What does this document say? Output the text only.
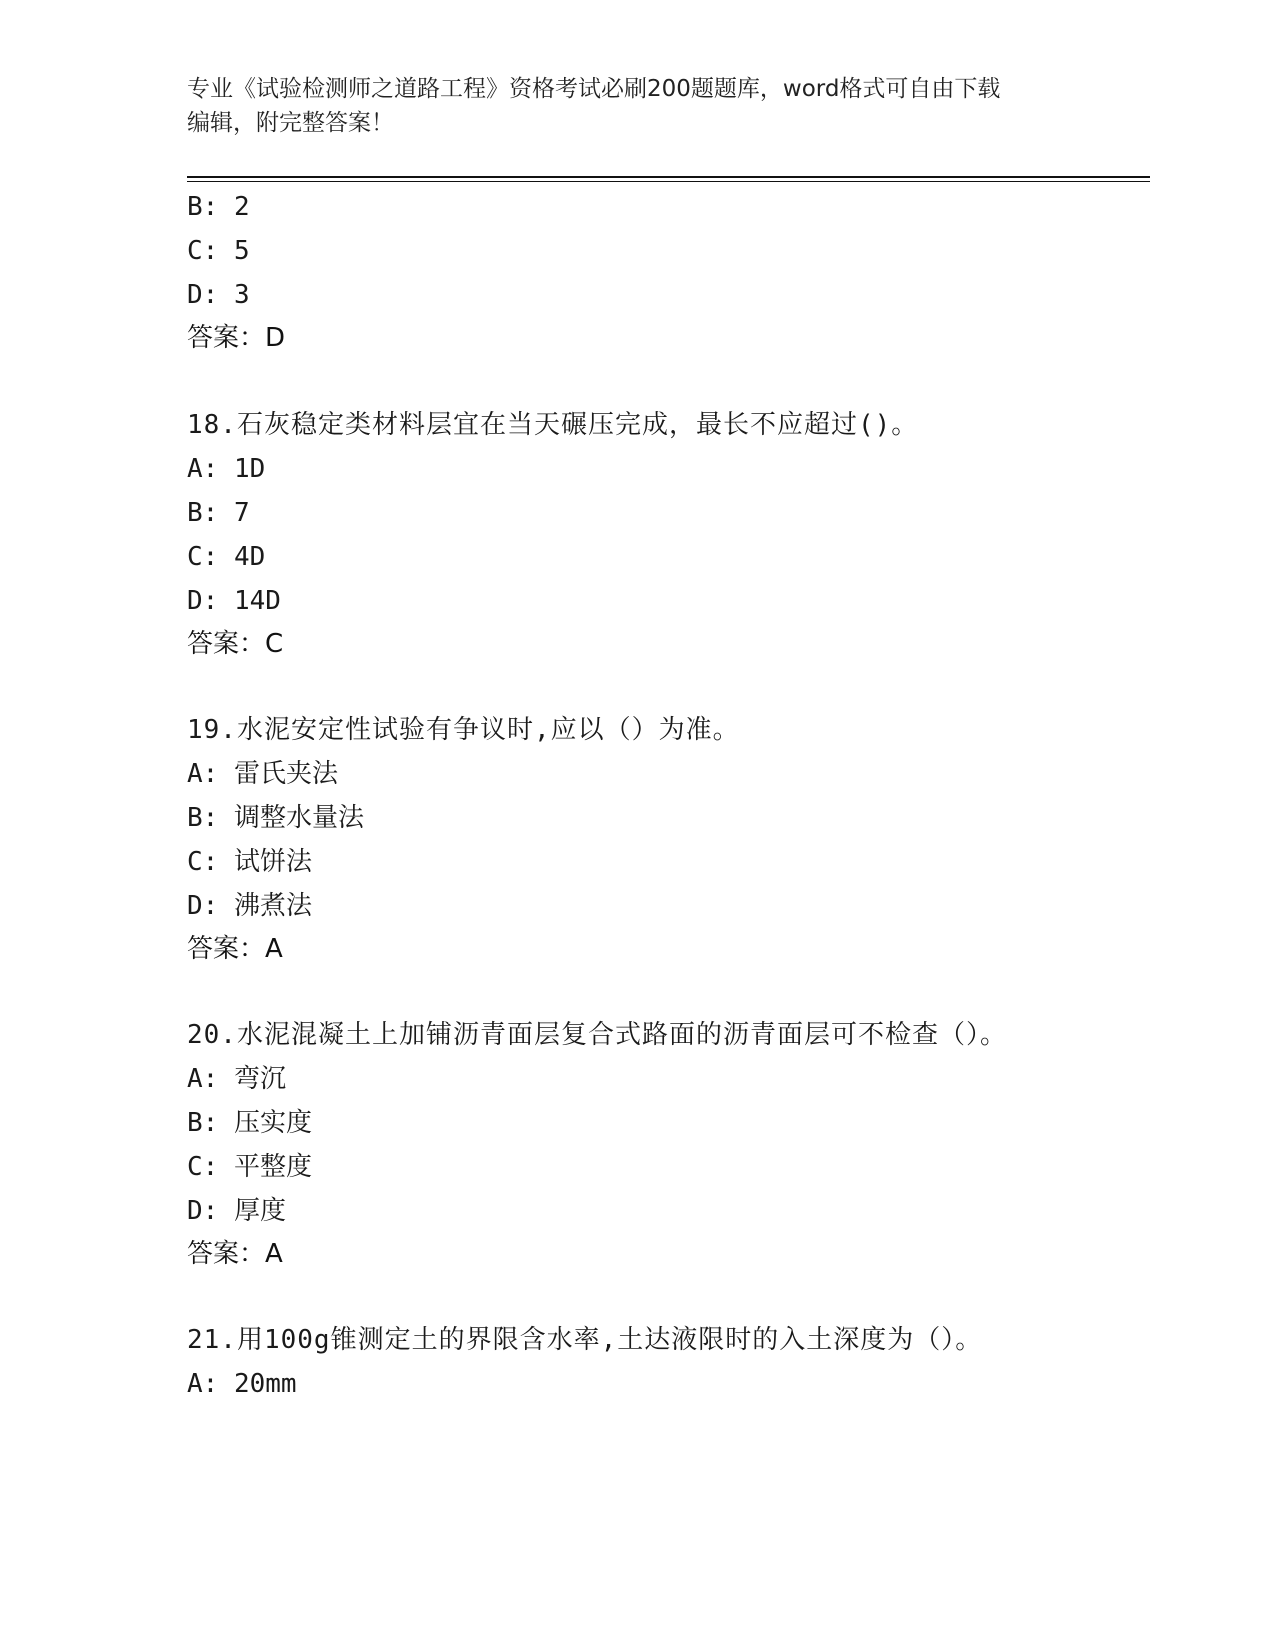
专业《试验检测师之道路工程》资格考试必刷200题题库，word格式可自由下载
编辑，附完整答案！
B: 2
C: 5
D: 3
答案：D
18.石灰稳定类材料层宜在当天碾压完成，最长不应超过()。
A: 1D
B: 7
C: 4D
D: 14D
答案：C
19.水泥安定性试验有争议时,应以（）为准。
A: 雷氏夹法
B: 调整水量法
C: 试饼法
D: 沸煮法
答案：A
20.水泥混凝土上加铺沥青面层复合式路面的沥青面层可不检查（）。
A: 弯沉
B: 压实度
C: 平整度
D: 厚度
答案：A
21.用100g锥测定土的界限含水率,土达液限时的入土深度为（）。
A: 20mm
